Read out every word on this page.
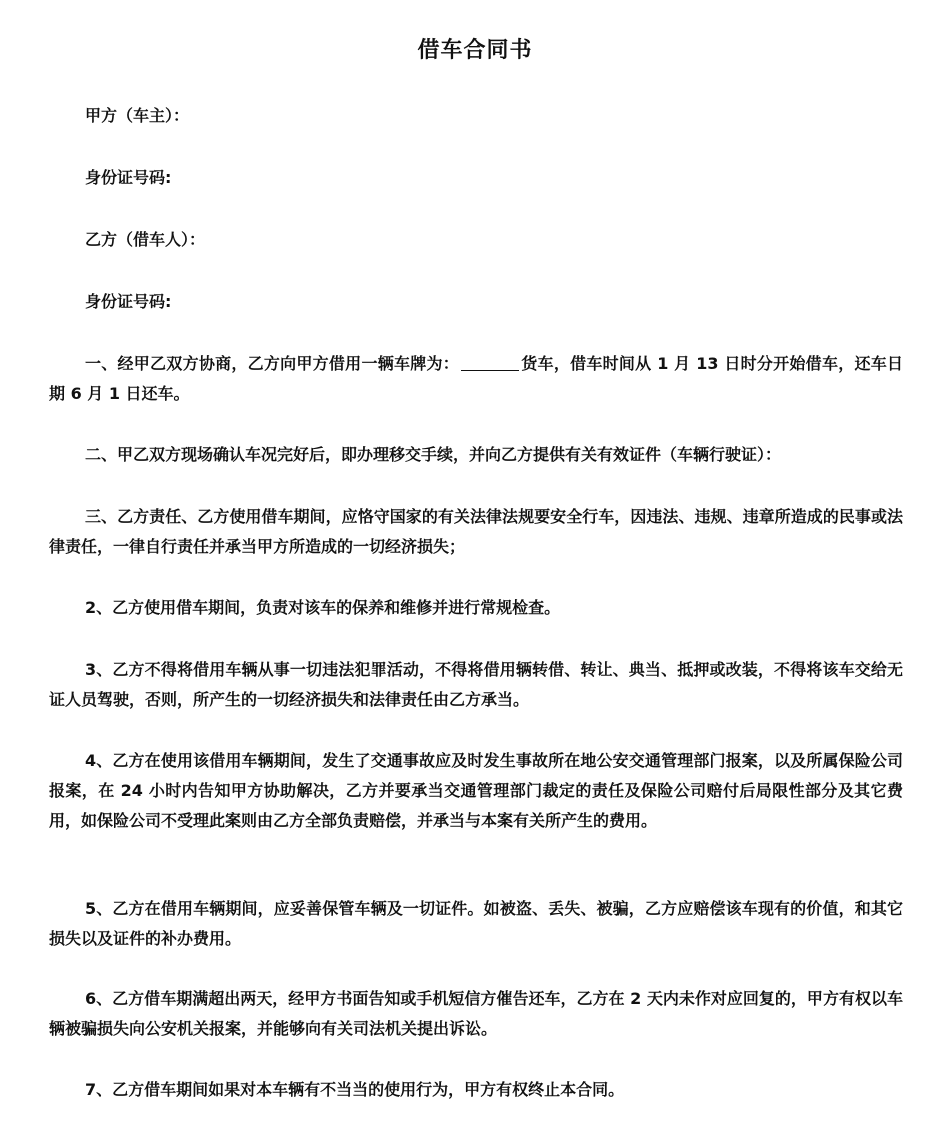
借车合同书
甲方（车主）：
身份证号码:
乙方（借车人）：
身份证号码:

一、经甲乙双方协商，乙方向甲方借用一辆车牌为：	货车，借车时间从 1 月 13 日时分开始借车，还车日期 6 月 1 日还车。

二、甲乙双方现场确认车况完好后，即办理移交手续，并向乙方提供有关有效证件（车辆行驶证）：

三、乙方责任、乙方使用借车期间，应恪守国家的有关法律法规要安全行车，因违法、违规、违章所造成的民事或法律责任，一律自行责任并承当甲方所造成的一切经济损失；

2、乙方使用借车期间，负责对该车的保养和维修并进行常规检查。

3、乙方不得将借用车辆从事一切违法犯罪活动，不得将借用辆转借、转让、典当、抵押或改装，不得将该车交给无证人员驾驶，否则，所产生的一切经济损失和法律责任由乙方承当。

4、乙方在使用该借用车辆期间，发生了交通事故应及时发生事故所在地公安交通管理部门报案，以及所属保险公司报案，在 24 小时内告知甲方协助解决，乙方并要承当交通管理部门裁定的责任及保险公司赔付后局限性部分及其它费用，如保险公司不受理此案则由乙方全部负责赔偿，并承当与本案有关所产生的费用。

5、乙方在借用车辆期间，应妥善保管车辆及一切证件。如被盗、丢失、被骗，乙方应赔偿该车现有的价值，和其它损失以及证件的补办费用。

6、乙方借车期满超出两天，经甲方书面告知或手机短信方催告还车，乙方在 2 天内未作对应回复的，甲方有权以车辆被骗损失向公安机关报案，并能够向有关司法机关提出诉讼。

7、乙方借车期间如果对本车辆有不当当的使用行为，甲方有权终止本合同。
